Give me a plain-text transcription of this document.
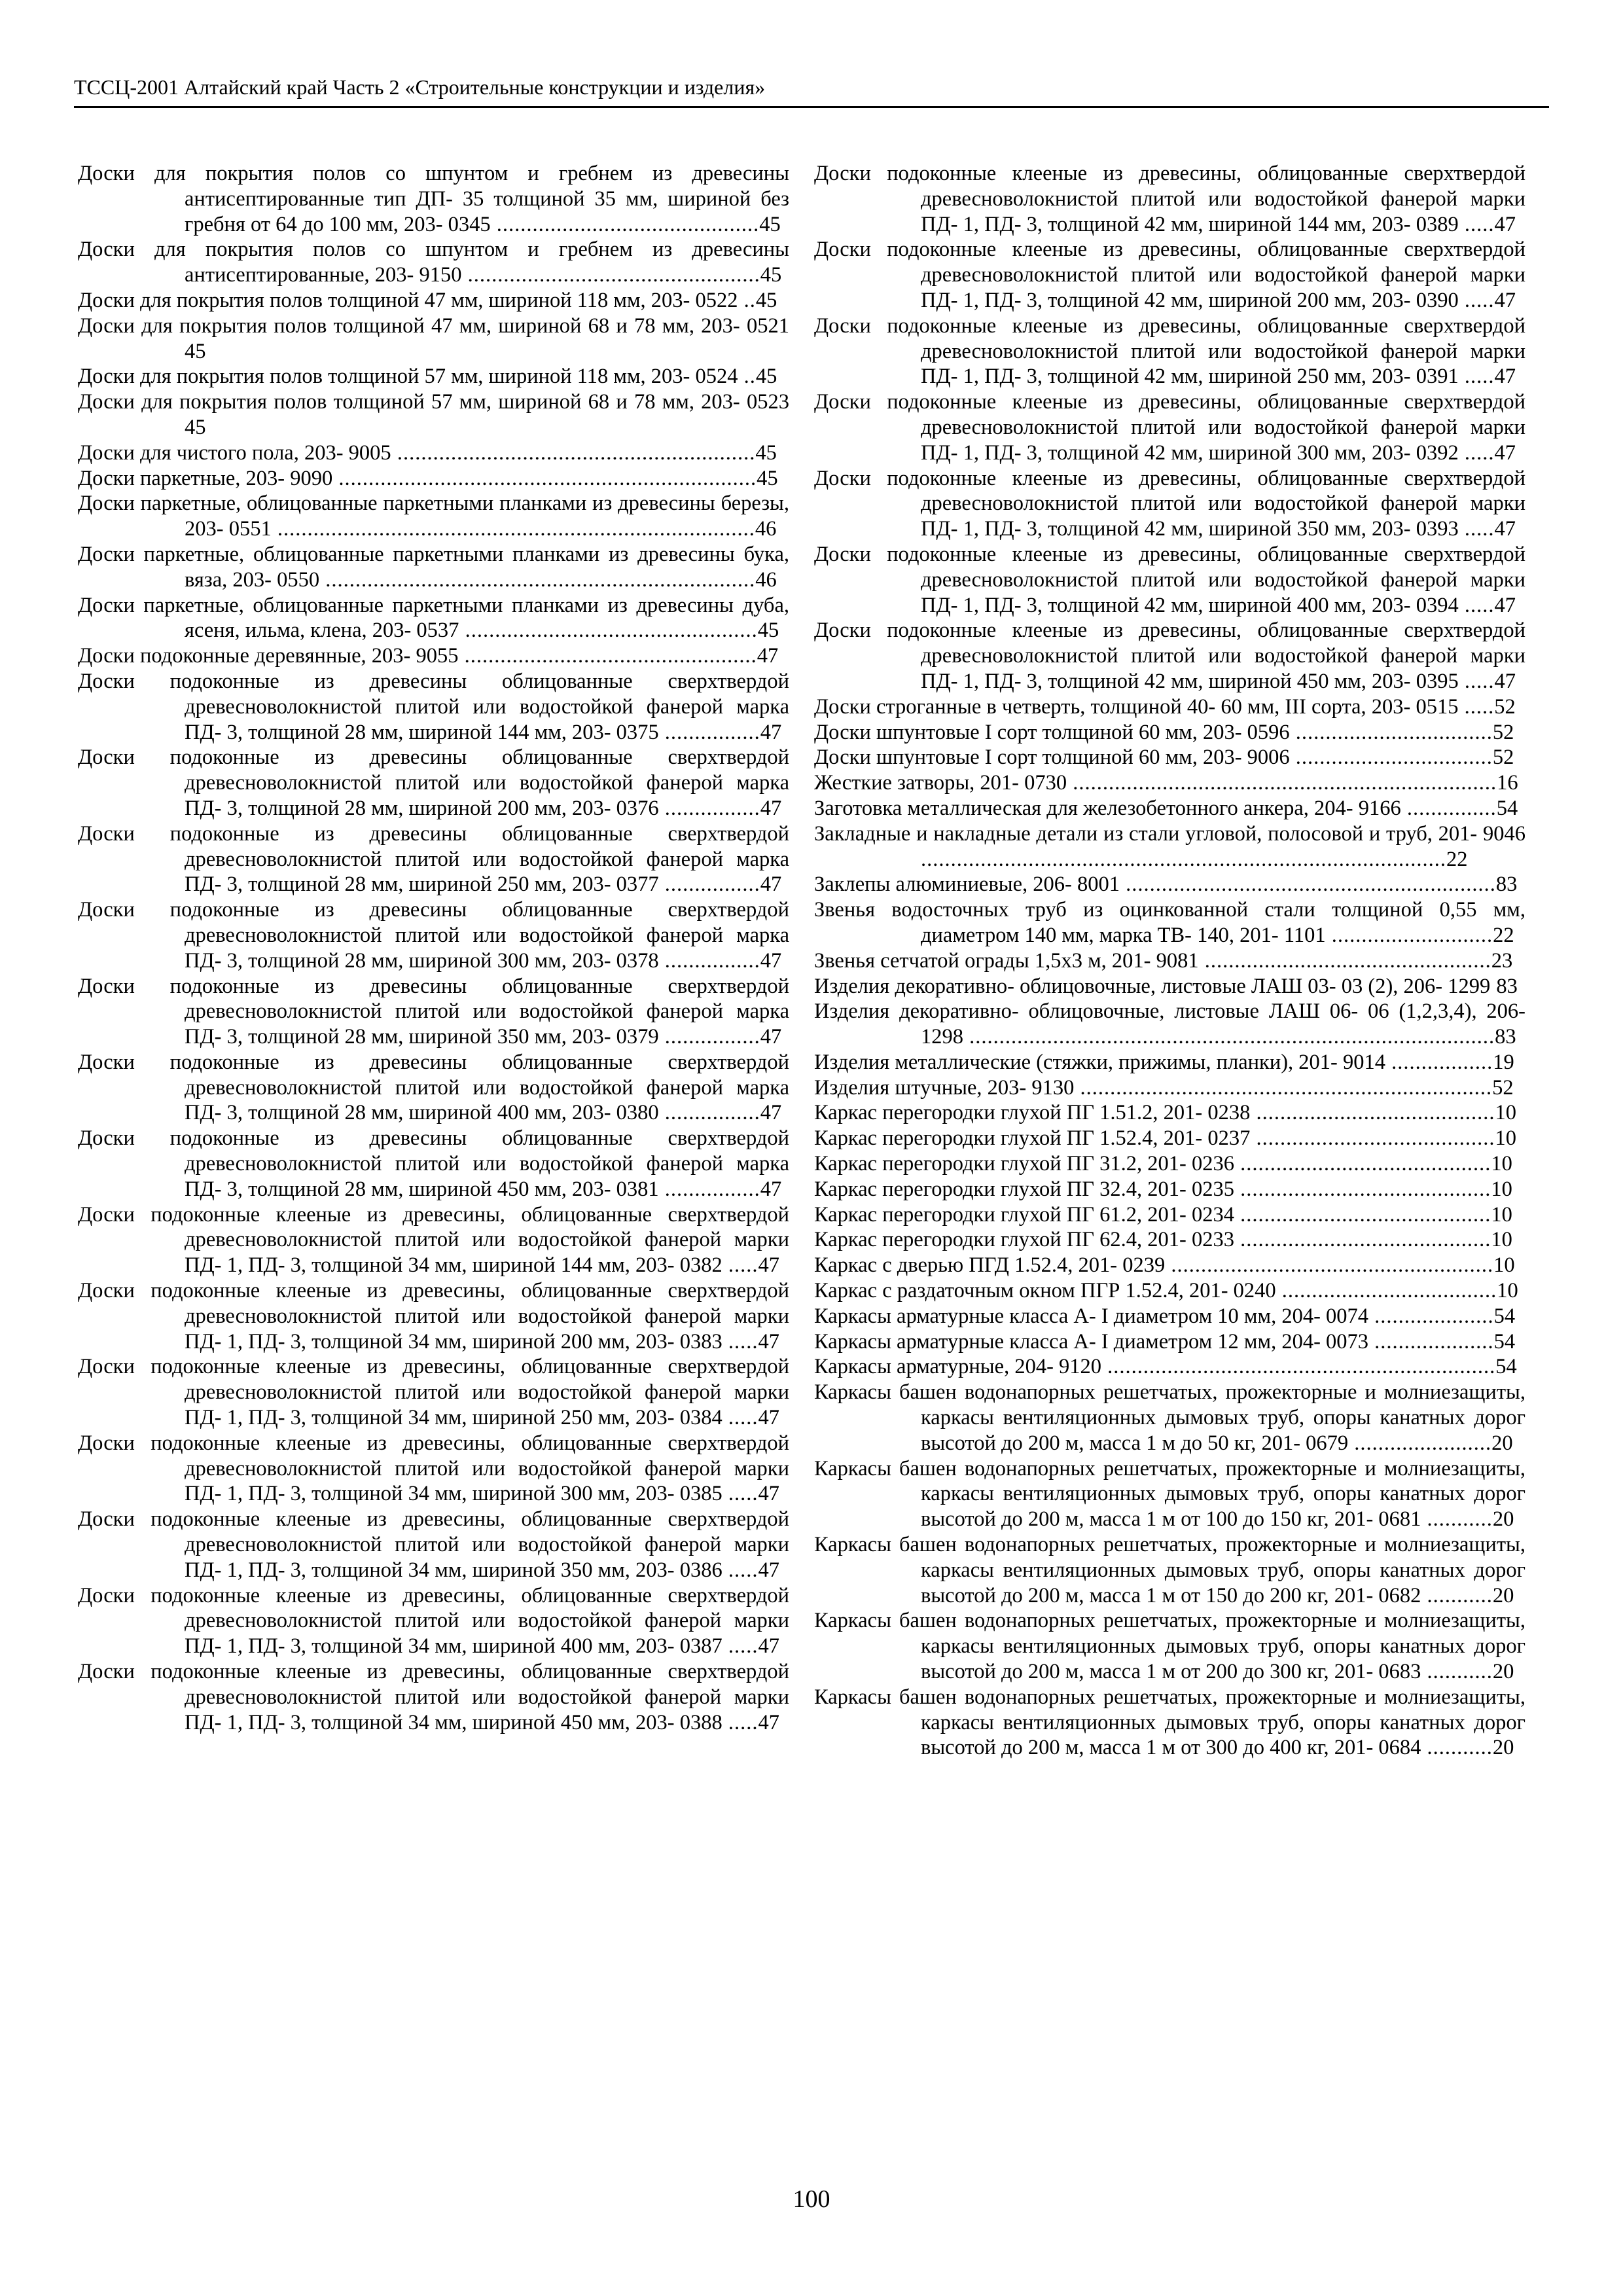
ТССЦ-2001 Алтайский край Часть 2 «Строительные конструкции и изделия»
Доски для покрытия полов со шпунтом и гребнем из древесины антисептированные тип ДП- 35 толщиной 35 мм, шириной без гребня от 64 до 100 мм, 203- 0345 ............................................45
Доски для покрытия полов со шпунтом и гребнем из древесины антисептированные, 203- 9150 .................................................45
Доски для покрытия полов толщиной 47 мм, шириной 118 мм, 203- 0522 ..45
Доски для покрытия полов толщиной 47 мм, шириной 68 и 78 мм, 203- 0521 45
Доски для покрытия полов толщиной 57 мм, шириной 118 мм, 203- 0524 ..45
Доски для покрытия полов толщиной 57 мм, шириной 68 и 78 мм, 203- 0523 45
Доски для чистого пола, 203- 9005 ............................................................45
Доски паркетные, 203- 9090 ......................................................................45
Доски паркетные, облицованные паркетными планками из древесины березы, 203- 0551 ................................................................................46
Доски паркетные, облицованные паркетными планками из древесины бука, вяза, 203- 0550 ........................................................................46
Доски паркетные, облицованные паркетными планками из древесины дуба, ясеня, ильма, клена, 203- 0537 .................................................45
Доски подоконные деревянные, 203- 9055 .................................................47
Доски подоконные из древесины облицованные сверхтвердой древесноволокнистой плитой или водостойкой фанерой марка ПД- 3, толщиной 28 мм, шириной 144 мм, 203- 0375 ................47
Доски подоконные из древесины облицованные сверхтвердой древесноволокнистой плитой или водостойкой фанерой марка ПД- 3, толщиной 28 мм, шириной 200 мм, 203- 0376 ................47
Доски подоконные из древесины облицованные сверхтвердой древесноволокнистой плитой или водостойкой фанерой марка ПД- 3, толщиной 28 мм, шириной 250 мм, 203- 0377 ................47
Доски подоконные из древесины облицованные сверхтвердой древесноволокнистой плитой или водостойкой фанерой марка ПД- 3, толщиной 28 мм, шириной 300 мм, 203- 0378 ................47
Доски подоконные из древесины облицованные сверхтвердой древесноволокнистой плитой или водостойкой фанерой марка ПД- 3, толщиной 28 мм, шириной 350 мм, 203- 0379 ................47
Доски подоконные из древесины облицованные сверхтвердой древесноволокнистой плитой или водостойкой фанерой марка ПД- 3, толщиной 28 мм, шириной 400 мм, 203- 0380 ................47
Доски подоконные из древесины облицованные сверхтвердой древесноволокнистой плитой или водостойкой фанерой марка ПД- 3, толщиной 28 мм, шириной 450 мм, 203- 0381 ................47
Доски подоконные клееные из древесины, облицованные сверхтвердой древесноволокнистой плитой или водостойкой фанерой марки ПД- 1, ПД- 3, толщиной 34 мм, шириной 144 мм, 203- 0382 .....47
Доски подоконные клееные из древесины, облицованные сверхтвердой древесноволокнистой плитой или водостойкой фанерой марки ПД- 1, ПД- 3, толщиной 34 мм, шириной 200 мм, 203- 0383 .....47
Доски подоконные клееные из древесины, облицованные сверхтвердой древесноволокнистой плитой или водостойкой фанерой марки ПД- 1, ПД- 3, толщиной 34 мм, шириной 250 мм, 203- 0384 .....47
Доски подоконные клееные из древесины, облицованные сверхтвердой древесноволокнистой плитой или водостойкой фанерой марки ПД- 1, ПД- 3, толщиной 34 мм, шириной 300 мм, 203- 0385 .....47
Доски подоконные клееные из древесины, облицованные сверхтвердой древесноволокнистой плитой или водостойкой фанерой марки ПД- 1, ПД- 3, толщиной 34 мм, шириной 350 мм, 203- 0386 .....47
Доски подоконные клееные из древесины, облицованные сверхтвердой древесноволокнистой плитой или водостойкой фанерой марки ПД- 1, ПД- 3, толщиной 34 мм, шириной 400 мм, 203- 0387 .....47
Доски подоконные клееные из древесины, облицованные сверхтвердой древесноволокнистой плитой или водостойкой фанерой марки ПД- 1, ПД- 3, толщиной 34 мм, шириной 450 мм, 203- 0388 .....47
Доски подоконные клееные из древесины, облицованные сверхтвердой древесноволокнистой плитой или водостойкой фанерой марки ПД- 1, ПД- 3, толщиной 42 мм, шириной 144 мм, 203- 0389 .....47
Доски подоконные клееные из древесины, облицованные сверхтвердой древесноволокнистой плитой или водостойкой фанерой марки ПД- 1, ПД- 3, толщиной 42 мм, шириной 200 мм, 203- 0390 .....47
Доски подоконные клееные из древесины, облицованные сверхтвердой древесноволокнистой плитой или водостойкой фанерой марки ПД- 1, ПД- 3, толщиной 42 мм, шириной 250 мм, 203- 0391 .....47
Доски подоконные клееные из древесины, облицованные сверхтвердой древесноволокнистой плитой или водостойкой фанерой марки ПД- 1, ПД- 3, толщиной 42 мм, шириной 300 мм, 203- 0392 .....47
Доски подоконные клееные из древесины, облицованные сверхтвердой древесноволокнистой плитой или водостойкой фанерой марки ПД- 1, ПД- 3, толщиной 42 мм, шириной 350 мм, 203- 0393 .....47
Доски подоконные клееные из древесины, облицованные сверхтвердой древесноволокнистой плитой или водостойкой фанерой марки ПД- 1, ПД- 3, толщиной 42 мм, шириной 400 мм, 203- 0394 .....47
Доски подоконные клееные из древесины, облицованные сверхтвердой древесноволокнистой плитой или водостойкой фанерой марки ПД- 1, ПД- 3, толщиной 42 мм, шириной 450 мм, 203- 0395 .....47
Доски строганные в четверть, толщиной 40- 60 мм, III сорта, 203- 0515 .....52
Доски шпунтовые I сорт толщиной 60 мм, 203- 0596 .................................52
Доски шпунтовые I сорт толщиной 60 мм, 203- 9006 .................................52
Жесткие затворы, 201- 0730 .......................................................................16
Заготовка металлическая для железобетонного анкера, 204- 9166 ...............54
Закладные и накладные детали из стали угловой, полосовой и труб, 201- 9046 ........................................................................................22
Заклепы алюминиевые, 206- 8001 ..............................................................83
Звенья водосточных труб из оцинкованной стали толщиной 0,55 мм, диаметром 140 мм, марка ТВ- 140, 201- 1101 ...........................22
Звенья сетчатой ограды 1,5х3 м, 201- 9081 ................................................23
Изделия декоративно- облицовочные, листовые ЛАШ 03- 03 (2), 206- 1299 83
Изделия декоративно- облицовочные, листовые ЛАШ 06- 06 (1,2,3,4), 206- 1298 ........................................................................................83
Изделия металлические (стяжки, прижимы, планки), 201- 9014 .................19
Изделия штучные, 203- 9130 .....................................................................52
Каркас перегородки глухой ПГ 1.51.2, 201- 0238 ........................................10
Каркас перегородки глухой ПГ 1.52.4, 201- 0237 ........................................10
Каркас перегородки глухой ПГ 31.2, 201- 0236 ..........................................10
Каркас перегородки глухой ПГ 32.4, 201- 0235 ..........................................10
Каркас перегородки глухой ПГ 61.2, 201- 0234 ..........................................10
Каркас перегородки глухой ПГ 62.4, 201- 0233 ..........................................10
Каркас с дверью ПГД 1.52.4, 201- 0239 ......................................................10
Каркас с раздаточным окном ПГР 1.52.4, 201- 0240 ....................................10
Каркасы арматурные класса А- I диаметром 10 мм, 204- 0074 ....................54
Каркасы арматурные класса А- I диаметром 12 мм, 204- 0073 ....................54
Каркасы арматурные, 204- 9120 .................................................................54
Каркасы башен водонапорных решетчатых, прожекторные и молниезащиты, каркасы вентиляционных дымовых труб, опоры канатных дорог высотой до 200 м, масса 1 м до 50 кг, 201- 0679 .......................20
Каркасы башен водонапорных решетчатых, прожекторные и молниезащиты, каркасы вентиляционных дымовых труб, опоры канатных дорог высотой до 200 м, масса 1 м от 100 до 150 кг, 201- 0681 ...........20
Каркасы башен водонапорных решетчатых, прожекторные и молниезащиты, каркасы вентиляционных дымовых труб, опоры канатных дорог высотой до 200 м, масса 1 м от 150 до 200 кг, 201- 0682 ...........20
Каркасы башен водонапорных решетчатых, прожекторные и молниезащиты, каркасы вентиляционных дымовых труб, опоры канатных дорог высотой до 200 м, масса 1 м от 200 до 300 кг, 201- 0683 ...........20
Каркасы башен водонапорных решетчатых, прожекторные и молниезащиты, каркасы вентиляционных дымовых труб, опоры канатных дорог высотой до 200 м, масса 1 м от 300 до 400 кг, 201- 0684 ...........20
100
